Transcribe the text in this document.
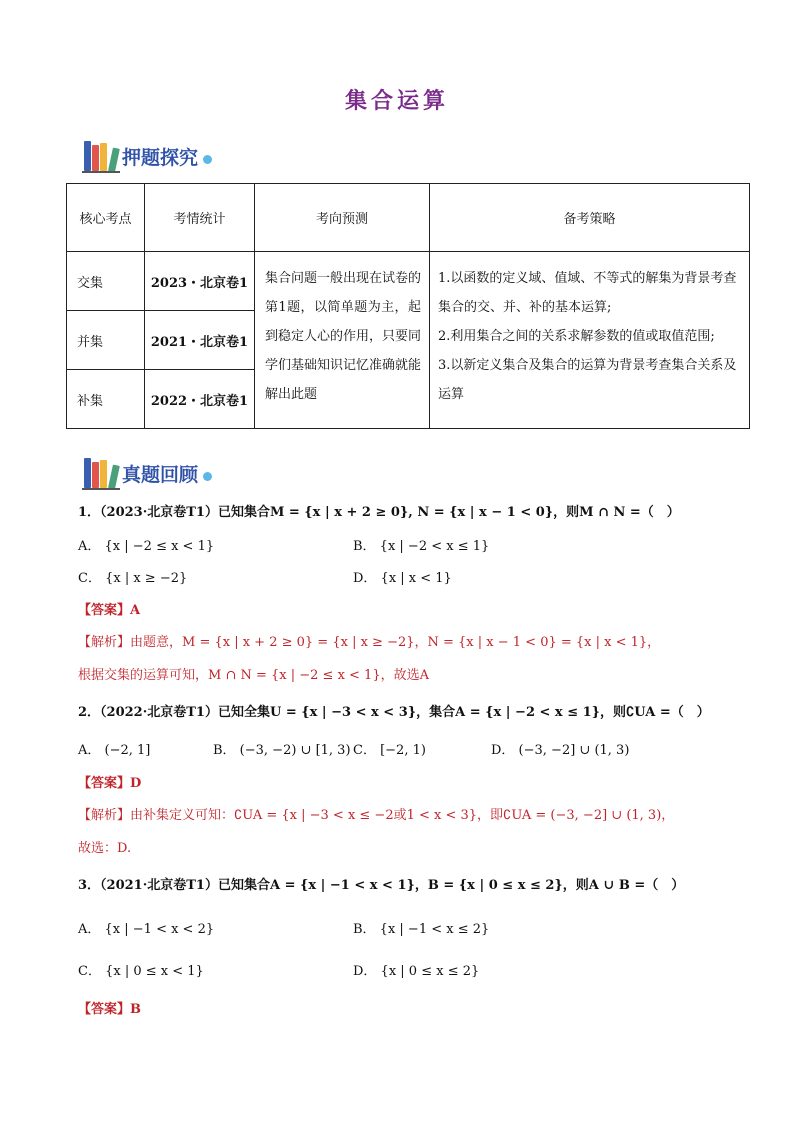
集合运算
押题探究
核心考点	考情统计	考向预测	备考策略
交集	2023・北京卷1	集合问题一般出现在试卷的第1题，以简单题为主，起到稳定人心的作用，只要同学们基础知识记忆准确就能解出此题	1.以函数的定义域、值域、不等式的解集为背景考查集合的交、并、补的基本运算;
2.利用集合之间的关系求解参数的值或取值范围;
3.以新定义集合及集合的运算为背景考查集合关系及运算

并集	2021・北京卷1		
补集	2022・北京卷1		
真题回顾
1．（2023·北京卷T1）已知集合M = {x | x + 2 ≥ 0}, N = {x | x − 1 < 0}，则M ∩ N =（　）
A． {x | −2 ≤ x < 1}	B． {x | −2 < x ≤ 1}
C． {x | x ≥ −2}	D． {x | x < 1}
【答案】A
【解析】由题意，M = {x | x + 2 ≥ 0} = {x | x ≥ −2}，N = {x | x − 1 < 0} = {x | x < 1}，
根据交集的运算可知，M ∩ N = {x | −2 ≤ x < 1}，故选A
2．（2022·北京卷T1）已知全集U = {x | −3 < x < 3}，集合A = {x | −2 < x ≤ 1}，则∁UA =（　）
A． (−2, 1]	B． (−3, −2) ∪ [1, 3) C． [−2, 1)	D． (−3, −2] ∪ (1, 3)
【答案】D
【解析】由补集定义可知：∁UA = {x | −3 < x ≤ −2或1 < x < 3}，即∁UA = (−3, −2] ∪ (1, 3)，
故选：D.
3．（2021·北京卷T1）已知集合A = {x | −1 < x < 1}，B = {x | 0 ≤ x ≤ 2}，则A ∪ B =（　）
A． {x | −1 < x < 2}	B． {x | −1 < x ≤ 2}
C． {x | 0 ≤ x < 1}	D． {x | 0 ≤ x ≤ 2}
【答案】B
